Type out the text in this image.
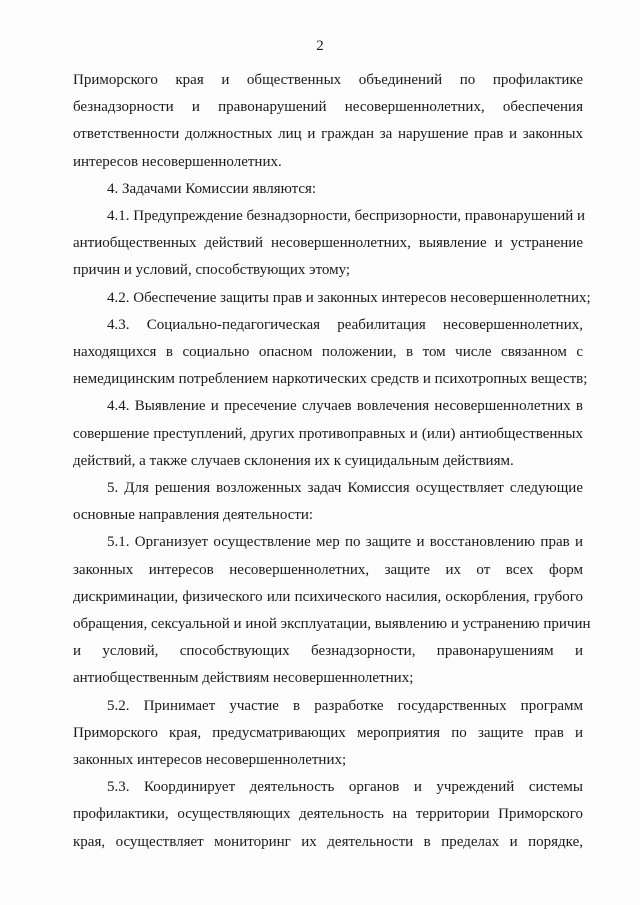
2
Приморского края и общественных объединений по профилактике
безнадзорности и правонарушений несовершеннолетних, обеспечения
ответственности должностных лиц и граждан за нарушение прав и законных
интересов несовершеннолетних.
4. Задачами Комиссии являются:
4.1. Предупреждение безнадзорности, беспризорности, правонарушений и
антиобщественных действий несовершеннолетних, выявление и устранение
причин и условий, способствующих этому;
4.2. Обеспечение защиты прав и законных интересов несовершеннолетних;
4.3. Социально-педагогическая реабилитация несовершеннолетних,
находящихся в социально опасном положении, в том числе связанном с
немедицинским потреблением наркотических средств и психотропных веществ;
4.4. Выявление и пресечение случаев вовлечения несовершеннолетних в
совершение преступлений, других противоправных и (или) антиобщественных
действий, а также случаев склонения их к суицидальным действиям.
5. Для решения возложенных задач Комиссия осуществляет следующие
основные направления деятельности:
5.1. Организует осуществление мер по защите и восстановлению прав и
законных интересов несовершеннолетних, защите их от всех форм
дискриминации, физического или психического насилия, оскорбления, грубого
обращения, сексуальной и иной эксплуатации, выявлению и устранению причин
и условий, способствующих безнадзорности, правонарушениям и
антиобщественным действиям несовершеннолетних;
5.2. Принимает участие в разработке государственных программ
Приморского края, предусматривающих мероприятия по защите прав и
законных интересов несовершеннолетних;
5.3. Координирует деятельность органов и учреждений системы
профилактики, осуществляющих деятельность на территории Приморского
края, осуществляет мониторинг их деятельности в пределах и порядке,
